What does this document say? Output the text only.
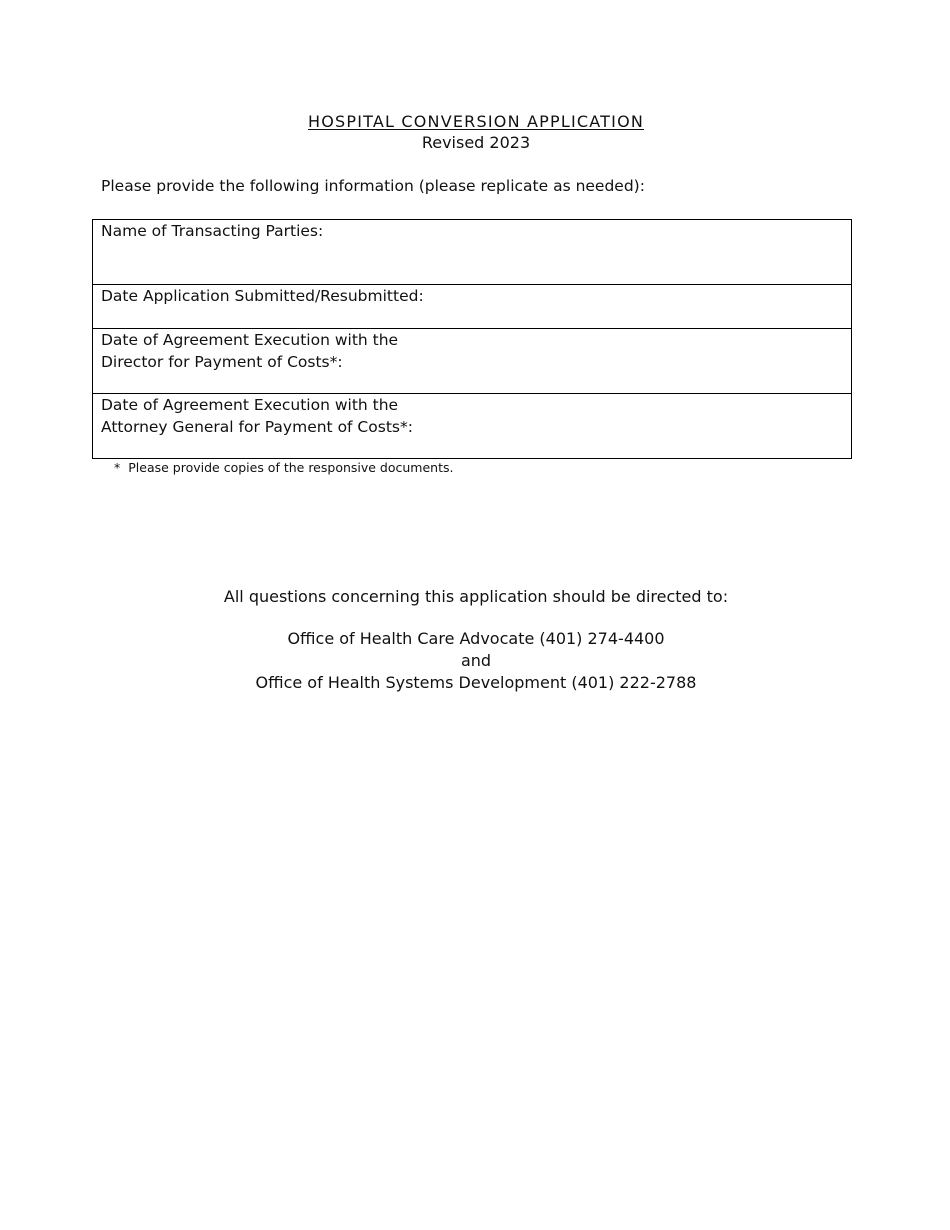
HOSPITAL CONVERSION APPLICATION
Revised 2023
Please provide the following information (please replicate as needed):
Name of Transacting Parties:
Date Application Submitted/Resubmitted:
Date of Agreement Execution with the
Director for Payment of Costs*:
Date of Agreement Execution with the
Attorney General for Payment of Costs*:
* Please provide copies of the responsive documents.
All questions concerning this application should be directed to:
Office of Health Care Advocate (401) 274-4400
and
Office of Health Systems Development (401) 222-2788
